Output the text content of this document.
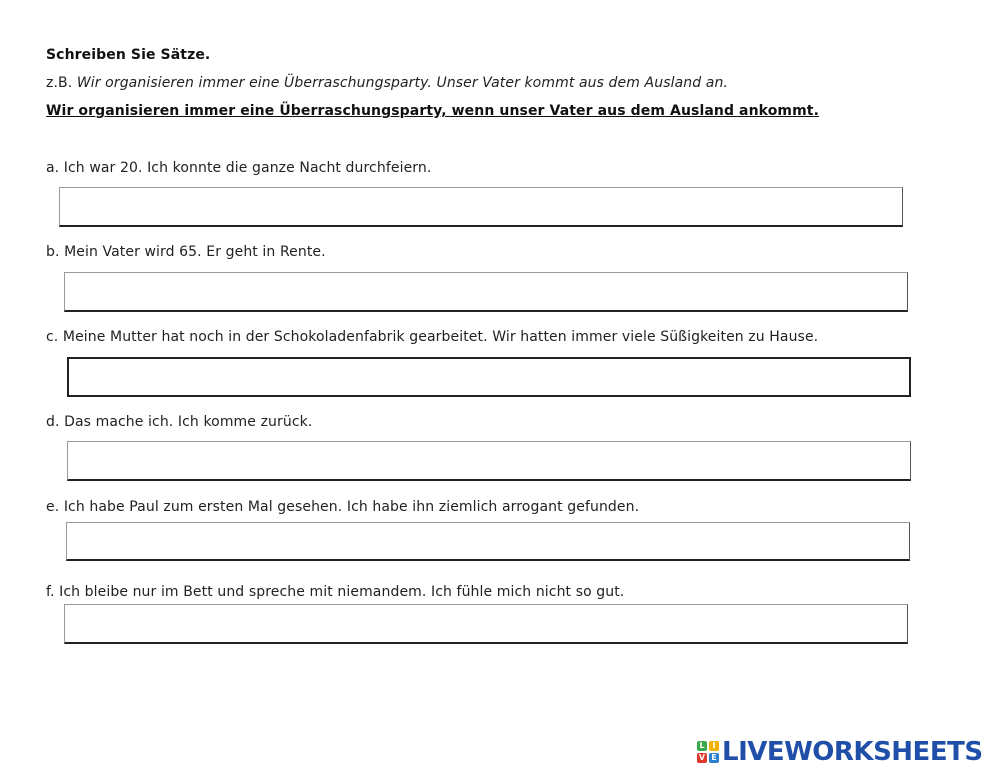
Schreiben Sie Sätze.
z.B. Wir organisieren immer eine Überraschungsparty. Unser Vater kommt aus dem Ausland an.
Wir organisieren immer eine Überraschungsparty, wenn unser Vater aus dem Ausland ankommt.
a. Ich war 20. Ich konnte die ganze Nacht durchfeiern.
b. Mein Vater wird 65. Er geht in Rente.
c. Meine Mutter hat noch in der Schokoladenfabrik gearbeitet. Wir hatten immer viele Süßigkeiten zu Hause.
d. Das mache ich. Ich komme zurück.
e. Ich habe Paul zum ersten Mal gesehen. Ich habe ihn ziemlich arrogant gefunden.
f. Ich bleibe nur im Bett und spreche mit niemandem. Ich fühle mich nicht so gut.
L I
V E LIVEWORKSHEETS
